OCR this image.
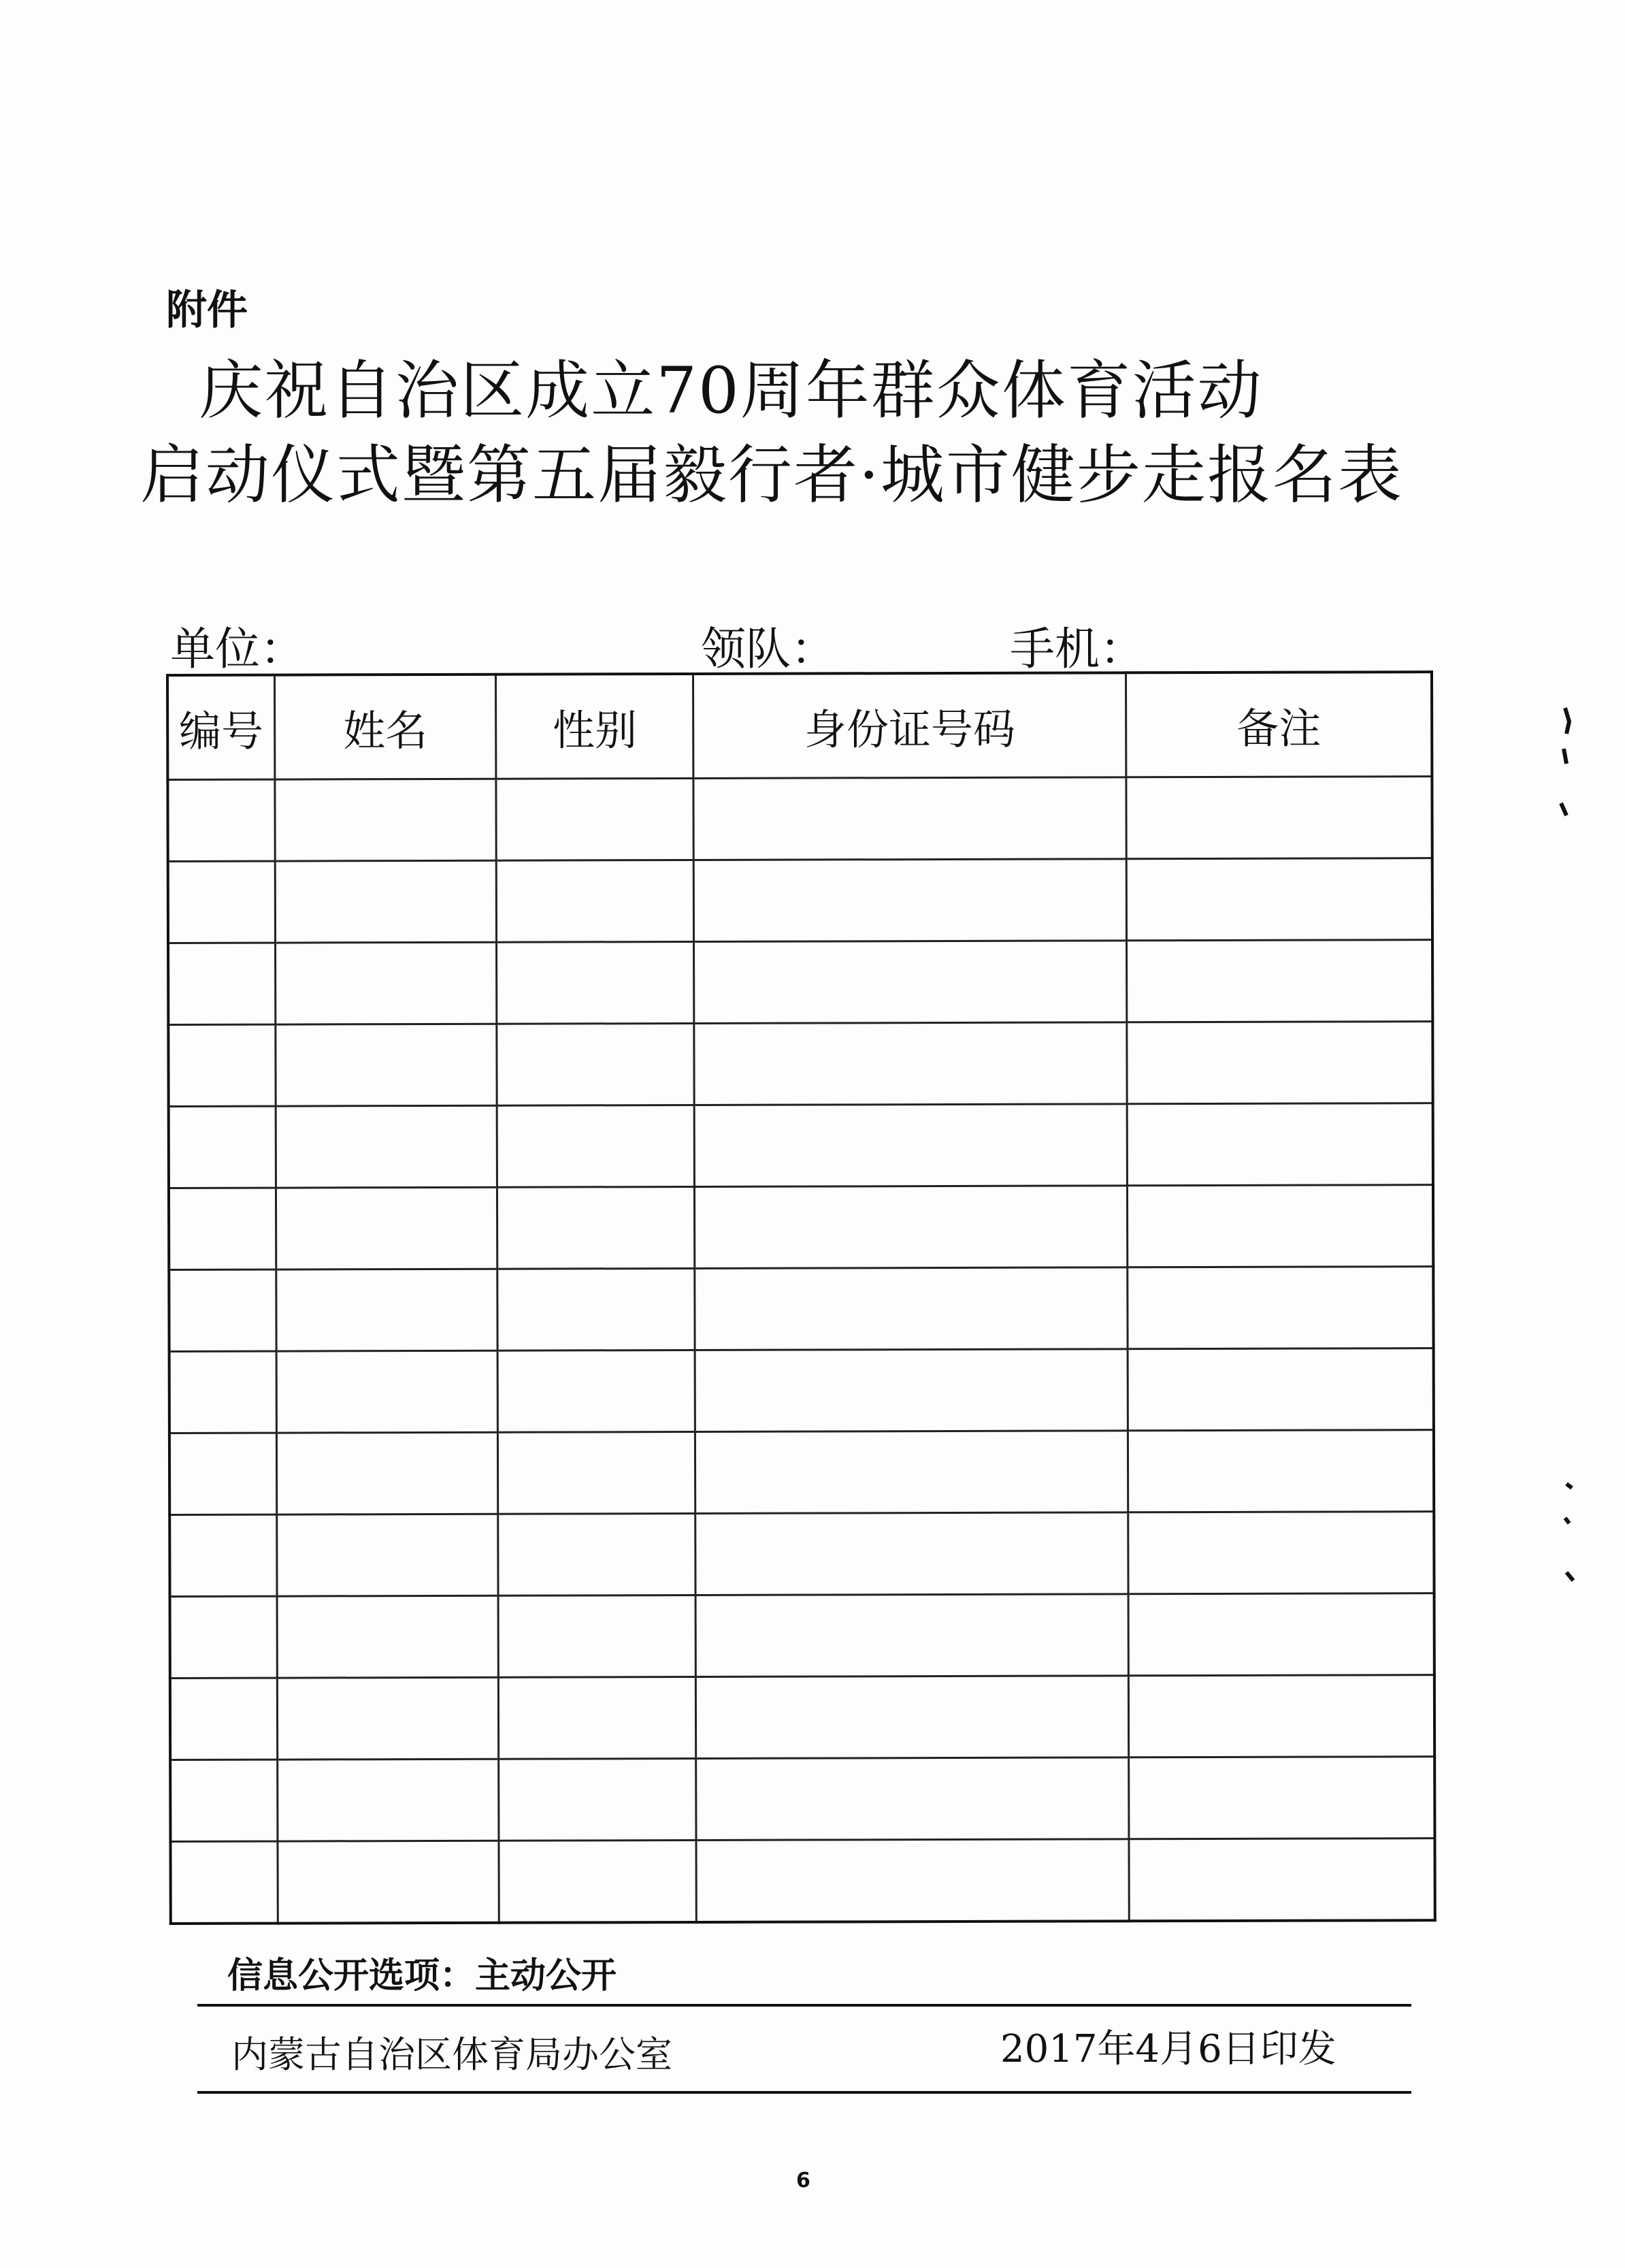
附件
庆祝自治区成立70周年群众体育活动
启动仪式暨第五届毅行者·城市健步走报名表
单位：	领队：	手机：
编号	姓名	性别	身份证号码	备注

信息公开选项：主动公开
内蒙古自治区体育局办公室	2017年4月6日印发
6
